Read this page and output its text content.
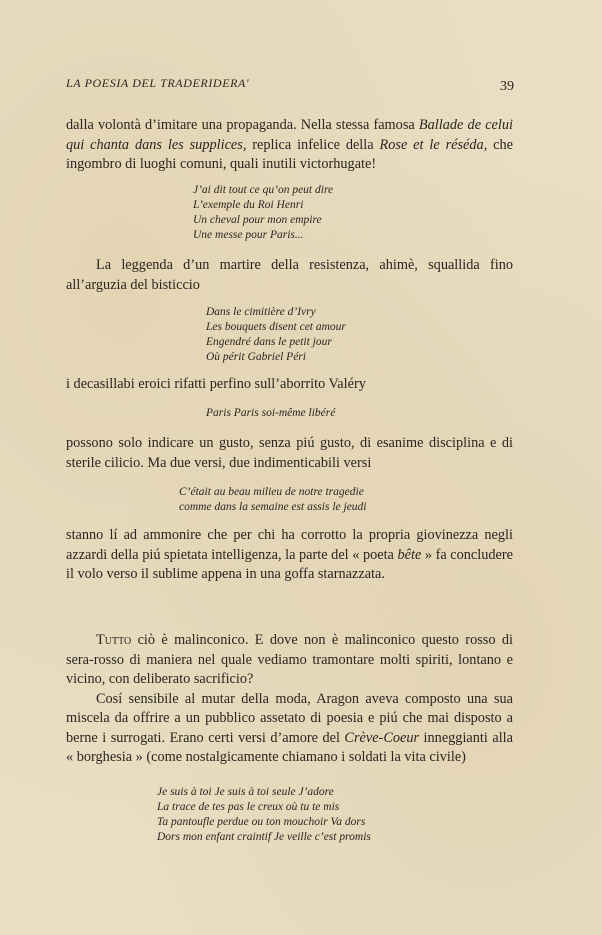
LA POESIA DEL TRADERIDERA'	39

dalla volontà d’imitare una propaganda. Nella stessa famosa Ballade de celui qui chanta dans les supplices, replica infelice della Rose et le réséda, che ingombro di luoghi comuni, quali inutili victorhugate!

J’ai dit tout ce qu’on peut dire
L’exemple du Roi Henri
Un cheval pour mon empire
Une messe pour Paris...

La leggenda d’un martire della resistenza, ahimè, squallida fino all’arguzia del bisticcio

Dans le cimitière d’Ivry
Les bouquets disent cet amour
Engendré dans le petit jour
Où périt Gabriel Péri

i decasillabi eroici rifatti perfino sull’aborrito Valéry

Paris Paris soi-même libéré

possono solo indicare un gusto, senza piú gusto, di esanime disciplina e di sterile cilicio. Ma due versi, due indimenticabili versi

C’était au beau milieu de notre tragedie
comme dans la semaine est assis le jeudi

stanno lí ad ammonire che per chi ha corrotto la propria giovinezza negli azzardi della piú spietata intelligenza, la parte del « poeta bête » fa concludere il volo verso il sublime appena in una goffa starnazzata.

Tutto ciò è malinconico. E dove non è malinconico questo rosso di sera-rosso di maniera nel quale vediamo tramontare molti spiriti, lontano e vicino, con deliberato sacrificio?

Cosí sensibile al mutar della moda, Aragon aveva composto una sua miscela da offrire a un pubblico assetato di poesia e piú che mai disposto a berne i surrogati. Erano certi versi d’amore del Crève-Coeur inneggianti alla « borghesia » (come nostalgicamente chiamano i soldati la vita civile)

Je suis à toi Je suis à toi seule J’adore
La trace de tes pas le creux où tu te mis
Ta pantoufle perdue ou ton mouchoir Va dors
Dors mon enfant craintif Je veille c’est promis
